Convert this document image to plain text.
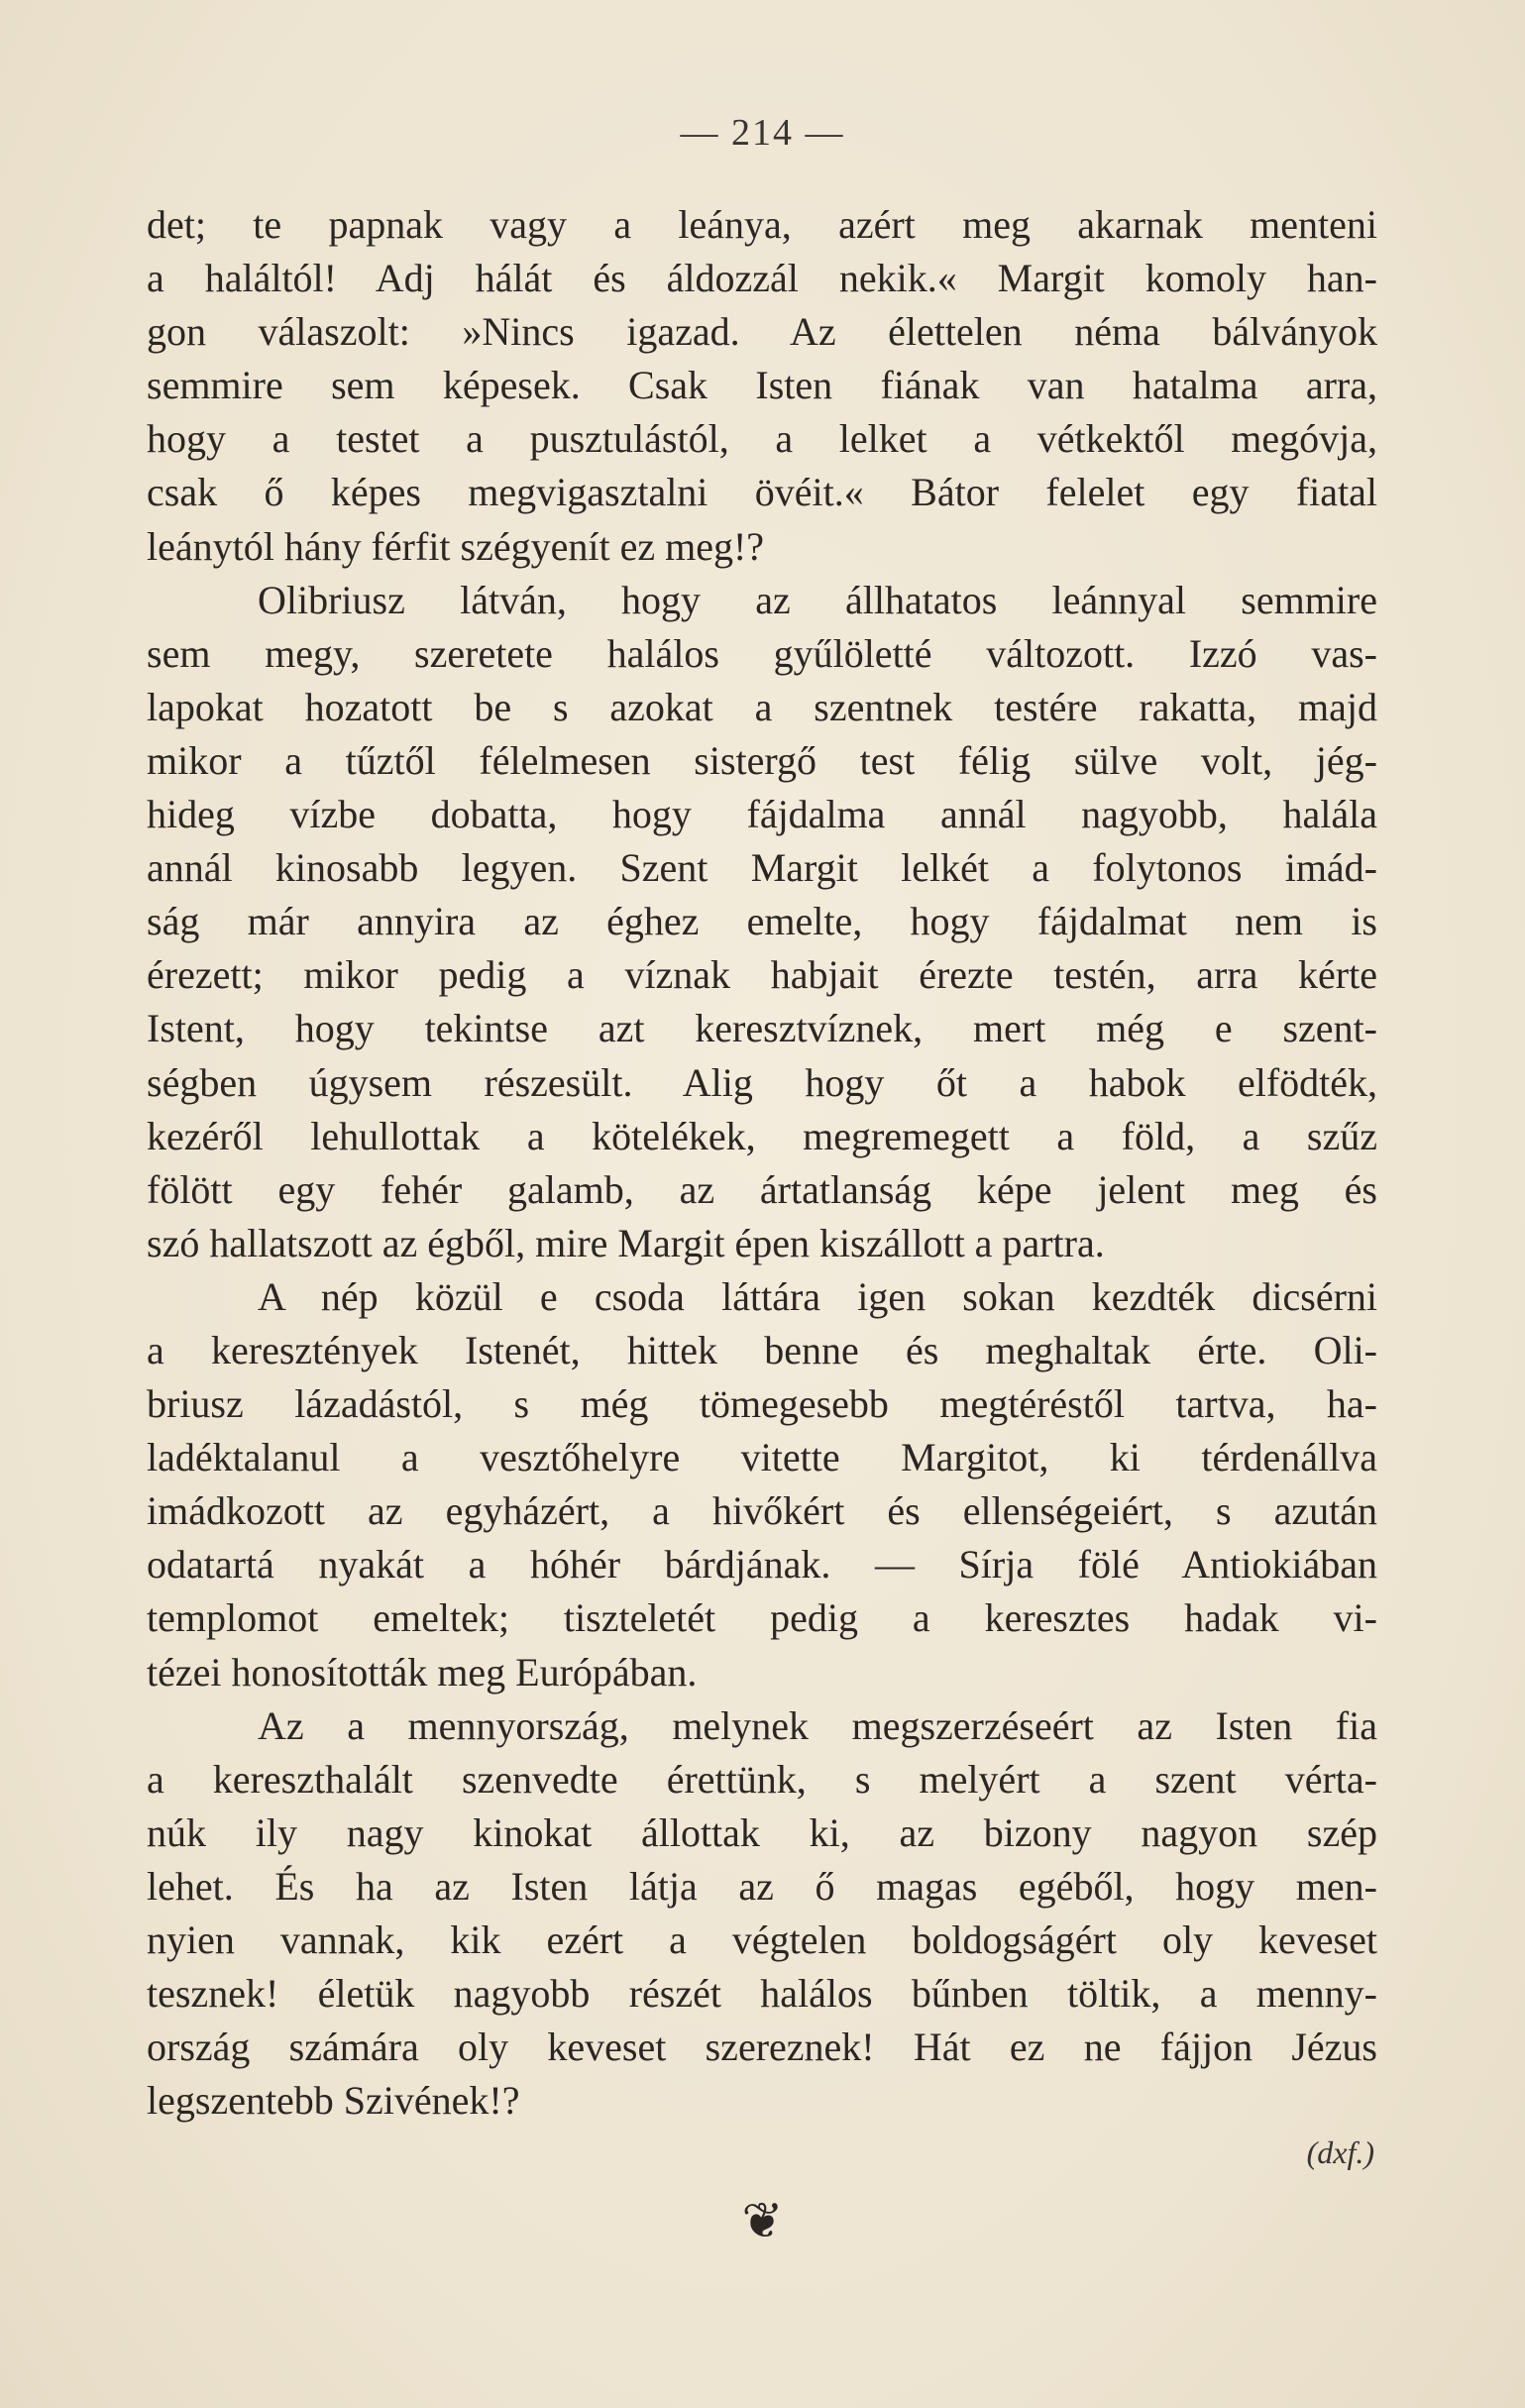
— 214 —
det; te papnak vagy a leánya, azért meg akarnak menteni
a haláltól! Adj hálát és áldozzál nekik.« Margit komoly han-
gon válaszolt: »Nincs igazad. Az élettelen néma bálványok
semmire sem képesek. Csak Isten fiának van hatalma arra,
hogy a testet a pusztulástól, a lelket a vétkektől megóvja,
csak ő képes megvigasztalni övéit.« Bátor felelet egy fiatal
leánytól hány férfit szégyenít ez meg!?
Olibriusz látván, hogy az állhatatos leánnyal semmire
sem megy, szeretete halálos gyűlöletté változott. Izzó vas-
lapokat hozatott be s azokat a szentnek testére rakatta, majd
mikor a tűztől félelmesen sistergő test félig sülve volt, jég-
hideg vízbe dobatta, hogy fájdalma annál nagyobb, halála
annál kinosabb legyen. Szent Margit lelkét a folytonos imád-
ság már annyira az éghez emelte, hogy fájdalmat nem is
érezett; mikor pedig a víznak habjait érezte testén, arra kérte
Istent, hogy tekintse azt keresztvíznek, mert még e szent-
ségben úgysem részesült. Alig hogy őt a habok elfödték,
kezéről lehullottak a kötelékek, megremegett a föld, a szűz
fölött egy fehér galamb, az ártatlanság képe jelent meg és
szó hallatszott az égből, mire Margit épen kiszállott a partra.
A nép közül e csoda láttára igen sokan kezdték dicsérni
a keresztények Istenét, hittek benne és meghaltak érte. Oli-
briusz lázadástól, s még tömegesebb megtéréstől tartva, ha-
ladéktalanul a vesztőhelyre vitette Margitot, ki térdenállva
imádkozott az egyházért, a hivőkért és ellenségeiért, s azután
odatartá nyakát a hóhér bárdjának. — Sírja fölé Antiokiában
templomot emeltek; tiszteletét pedig a keresztes hadak vi-
tézei honosították meg Európában.
Az a mennyország, melynek megszerzéseért az Isten fia
a kereszthalált szenvedte érettünk, s melyért a szent vérta-
núk ily nagy kinokat állottak ki, az bizony nagyon szép
lehet. És ha az Isten látja az ő magas egéből, hogy men-
nyien vannak, kik ezért a végtelen boldogságért oly keveset
tesznek! életük nagyobb részét halálos bűnben töltik, a menny-
ország számára oly keveset szereznek! Hát ez ne fájjon Jézus
legszentebb Szivének!?
(dxf.)
❦
